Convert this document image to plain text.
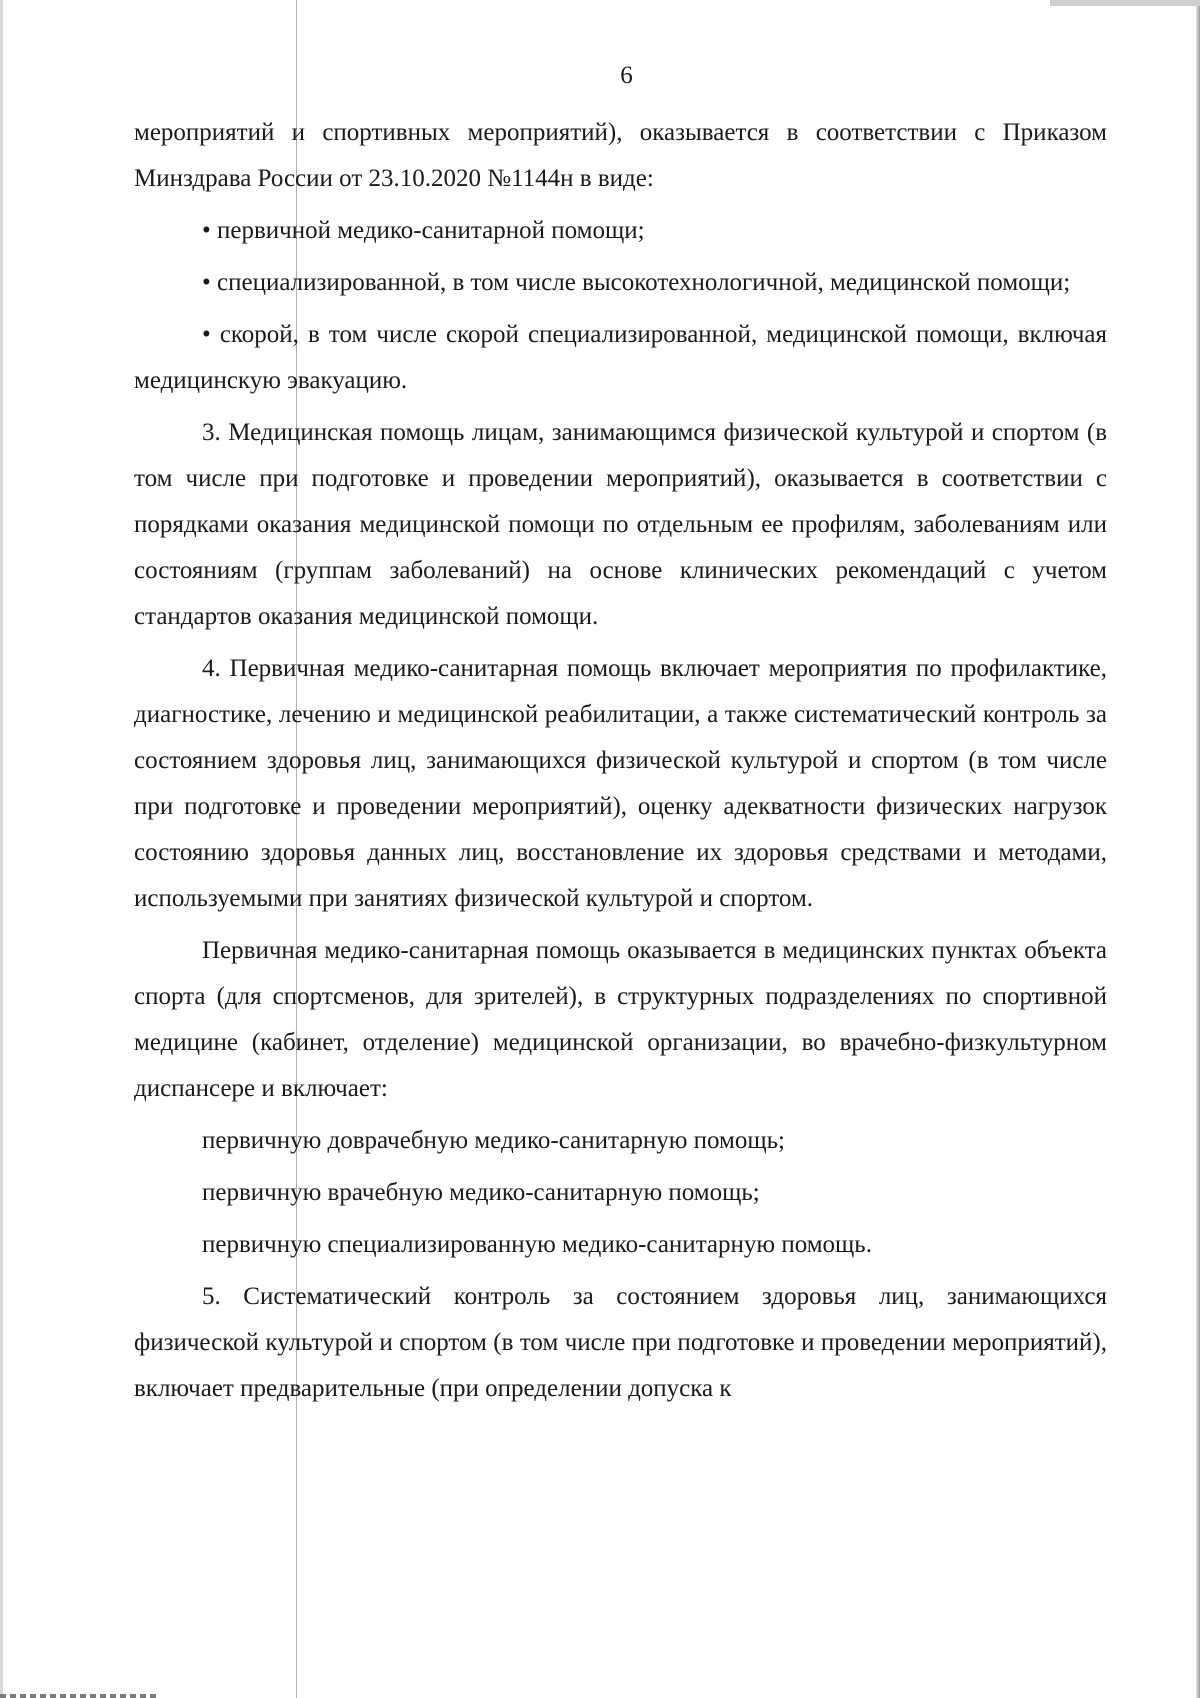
6

мероприятий и спортивных мероприятий), оказывается в соответствии с Приказом Минздрава России от 23.10.2020 №1144н в виде:

• первичной медико-санитарной помощи;

• специализированной, в том числе высокотехнологичной, медицинской помощи;

• скорой, в том числе скорой специализированной, медицинской помощи, включая медицинскую эвакуацию.

3. Медицинская помощь лицам, занимающимся физической культурой и спортом (в том числе при подготовке и проведении мероприятий), оказывается в соответствии с порядками оказания медицинской помощи по отдельным ее профилям, заболеваниям или состояниям (группам заболеваний) на основе клинических рекомендаций с учетом стандартов оказания медицинской помощи.

4. Первичная медико-санитарная помощь включает мероприятия по профилактике, диагностике, лечению и медицинской реабилитации, а также систематический контроль за состоянием здоровья лиц, занимающихся физической культурой и спортом (в том числе при подготовке и проведении мероприятий), оценку адекватности физических нагрузок состоянию здоровья данных лиц, восстановление их здоровья средствами и методами, используемыми при занятиях физической культурой и спортом.

Первичная медико-санитарная помощь оказывается в медицинских пунктах объекта спорта (для спортсменов, для зрителей), в структурных подразделениях по спортивной медицине (кабинет, отделение) медицинской организации, во врачебно-физкультурном диспансере и включает:

первичную доврачебную медико-санитарную помощь;

первичную врачебную медико-санитарную помощь;

первичную специализированную медико-санитарную помощь.

5. Систематический контроль за состоянием здоровья лиц, занимающихся физической культурой и спортом (в том числе при подготовке и проведении мероприятий), включает предварительные (при определении допуска к
